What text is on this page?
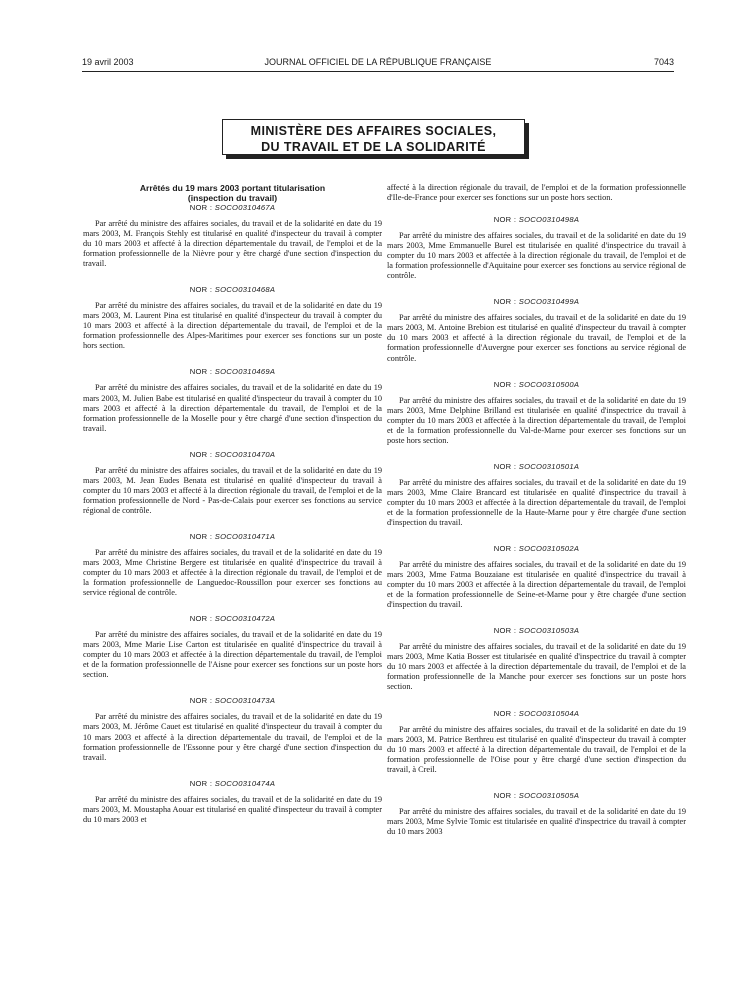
19 avril 2003	JOURNAL OFFICIEL DE LA RÉPUBLIQUE FRANÇAISE	7043
MINISTÈRE DES AFFAIRES SOCIALES,
DU TRAVAIL ET DE LA SOLIDARITÉ
Arrêtés du 19 mars 2003 portant titularisation
(inspection du travail)
NOR : SOCO0310467A

Par arrêté du ministre des affaires sociales, du travail et de la solidarité en date du 19 mars 2003, M. François Stehly est titularisé en qualité d'inspecteur du travail à compter du 10 mars 2003 et affecté à la direction départementale du travail, de l'emploi et de la formation professionnelle de la Nièvre pour y être chargé d'une section d'inspection du travail.

NOR : SOCO0310468A

Par arrêté du ministre des affaires sociales, du travail et de la solidarité en date du 19 mars 2003, M. Laurent Pina est titularisé en qualité d'inspecteur du travail à compter du 10 mars 2003 et affecté à la direction départementale du travail, de l'emploi et de la formation professionnelle des Alpes-Maritimes pour exercer ses fonctions sur un poste hors section.

NOR : SOCO0310469A

Par arrêté du ministre des affaires sociales, du travail et de la solidarité en date du 19 mars 2003, M. Julien Babe est titularisé en qualité d'inspecteur du travail à compter du 10 mars 2003 et affecté à la direction départementale du travail, de l'emploi et de la formation professionnelle de la Moselle pour y être chargé d'une section d'inspection du travail.

NOR : SOCO0310470A

Par arrêté du ministre des affaires sociales, du travail et de la solidarité en date du 19 mars 2003, M. Jean Eudes Benata est titularisé en qualité d'inspecteur du travail à compter du 10 mars 2003 et affecté à la direction régionale du travail, de l'emploi et de la formation professionnelle de Nord - Pas-de-Calais pour exercer ses fonctions au service régional de contrôle.

NOR : SOCO0310471A

Par arrêté du ministre des affaires sociales, du travail et de la solidarité en date du 19 mars 2003, Mme Christine Bergere est titularisée en qualité d'inspectrice du travail à compter du 10 mars 2003 et affectée à la direction régionale du travail, de l'emploi et de la formation professionnelle de Languedoc-Roussillon pour exercer ses fonctions au service régional de contrôle.

NOR : SOCO0310472A

Par arrêté du ministre des affaires sociales, du travail et de la solidarité en date du 19 mars 2003, Mme Marie Lise Carton est titularisée en qualité d'inspectrice du travail à compter du 10 mars 2003 et affectée à la direction départementale du travail, de l'emploi et de la formation professionnelle de l'Aisne pour exercer ses fonctions sur un poste hors section.

NOR : SOCO0310473A

Par arrêté du ministre des affaires sociales, du travail et de la solidarité en date du 19 mars 2003, M. Jérôme Cauet est titularisé en qualité d'inspecteur du travail à compter du 10 mars 2003 et affecté à la direction départementale du travail, de l'emploi et de la formation professionnelle de l'Essonne pour y être chargé d'une section d'inspection du travail.

NOR : SOCO0310474A

Par arrêté du ministre des affaires sociales, du travail et de la solidarité en date du 19 mars 2003, M. Moustapha Aouar est titularisé en qualité d'inspecteur du travail à compter du 10 mars 2003 et

affecté à la direction régionale du travail, de l'emploi et de la formation professionnelle d'Ile-de-France pour exercer ses fonctions sur un poste hors section.

NOR : SOCO0310498A

Par arrêté du ministre des affaires sociales, du travail et de la solidarité en date du 19 mars 2003, Mme Emmanuelle Burel est titularisée en qualité d'inspectrice du travail à compter du 10 mars 2003 et affectée à la direction régionale du travail, de l'emploi et de la formation professionnelle d'Aquitaine pour exercer ses fonctions au service régional de contrôle.

NOR : SOCO0310499A

Par arrêté du ministre des affaires sociales, du travail et de la solidarité en date du 19 mars 2003, M. Antoine Brebion est titularisé en qualité d'inspecteur du travail à compter du 10 mars 2003 et affecté à la direction régionale du travail, de l'emploi et de la formation professionnelle d'Auvergne pour exercer ses fonctions au service régional de contrôle.

NOR : SOCO0310500A

Par arrêté du ministre des affaires sociales, du travail et de la solidarité en date du 19 mars 2003, Mme Delphine Brilland est titularisée en qualité d'inspectrice du travail à compter du 10 mars 2003 et affectée à la direction départementale du travail, de l'emploi et de la formation professionnelle du Val-de-Marne pour exercer ses fonctions sur un poste hors section.

NOR : SOCO0310501A

Par arrêté du ministre des affaires sociales, du travail et de la solidarité en date du 19 mars 2003, Mme Claire Brancard est titularisée en qualité d'inspectrice du travail à compter du 10 mars 2003 et affectée à la direction départementale du travail, de l'emploi et de la formation professionnelle de la Haute-Marne pour y être chargée d'une section d'inspection du travail.

NOR : SOCO0310502A

Par arrêté du ministre des affaires sociales, du travail et de la solidarité en date du 19 mars 2003, Mme Fatma Bouzaiane est titularisée en qualité d'inspectrice du travail à compter du 10 mars 2003 et affectée à la direction départementale du travail, de l'emploi et de la formation professionnelle de Seine-et-Marne pour y être chargée d'une section d'inspection du travail.

NOR : SOCO0310503A

Par arrêté du ministre des affaires sociales, du travail et de la solidarité en date du 19 mars 2003, Mme Katia Bosser est titularisée en qualité d'inspectrice du travail à compter du 10 mars 2003 et affectée à la direction départementale du travail, de l'emploi et de la formation professionnelle de la Manche pour exercer ses fonctions sur un poste hors section.

NOR : SOCO0310504A

Par arrêté du ministre des affaires sociales, du travail et de la solidarité en date du 19 mars 2003, M. Patrice Berthreu est titularisé en qualité d'inspecteur du travail à compter du 10 mars 2003 et affecté à la direction départementale du travail, de l'emploi et de la formation professionnelle de l'Oise pour y être chargé d'une section d'inspection du travail, à Creil.

NOR : SOCO0310505A

Par arrêté du ministre des affaires sociales, du travail et de la solidarité en date du 19 mars 2003, Mme Sylvie Tomic est titularisée en qualité d'inspectrice du travail à compter du 10 mars 2003
